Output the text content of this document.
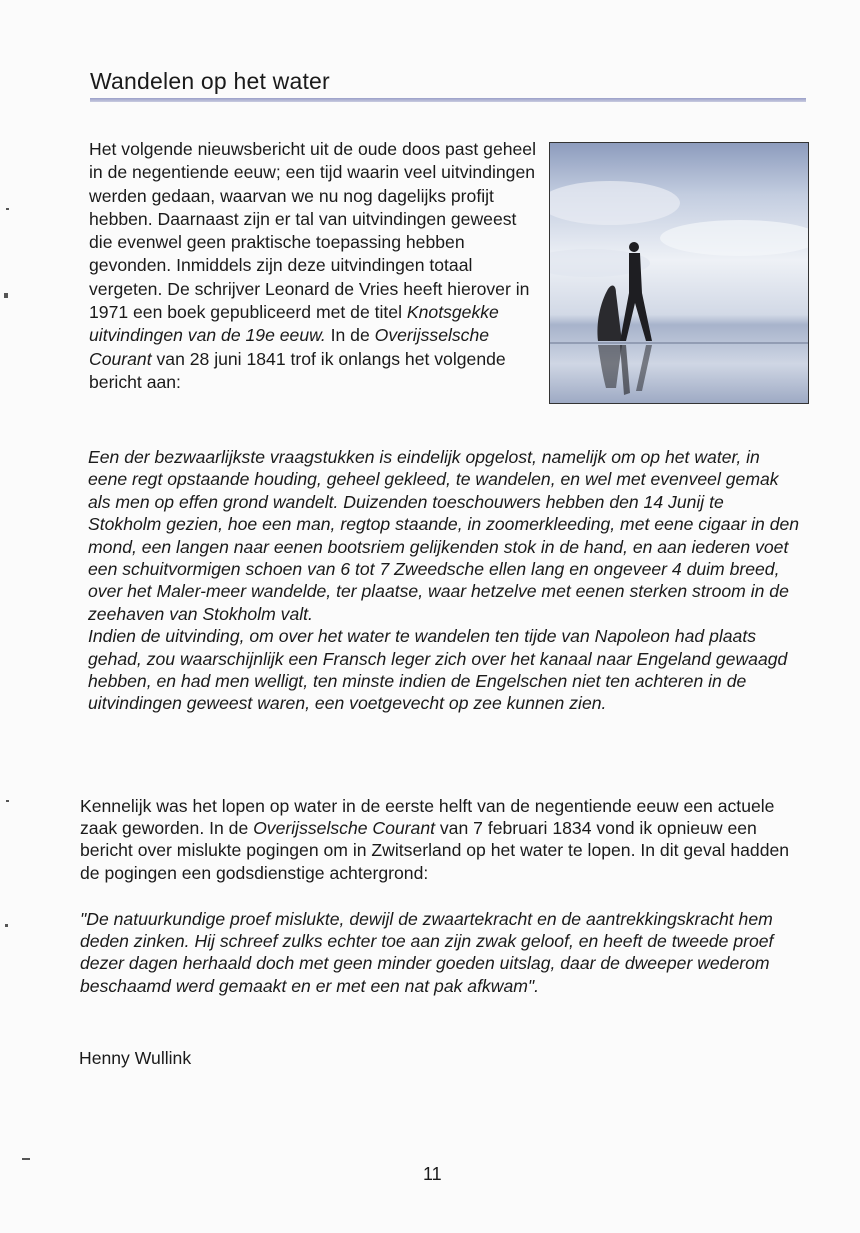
Wandelen op het water

Het volgende nieuwsbericht uit de oude doos past geheel in de negentiende eeuw; een tijd waarin veel uitvindingen werden gedaan, waarvan we nu nog dagelijks profijt hebben. Daarnaast zijn er tal van uitvindingen geweest die evenwel geen praktische toepassing hebben gevonden. Inmiddels zijn deze uitvindingen totaal vergeten. De schrijver Leonard de Vries heeft hierover in 1971 een boek gepubliceerd met de titel Knotsgekke uitvindingen van de 19e eeuw. In de Overijsselsche Courant van 28 juni 1841 trof ik onlangs het volgende bericht aan:

Een der bezwaarlijkste vraagstukken is eindelijk opgelost, namelijk om op het water, in eene regt opstaande houding, geheel gekleed, te wandelen, en wel met evenveel gemak als men op effen grond wandelt. Duizenden toeschouwers hebben den 14 Junij te Stokholm gezien, hoe een man, regtop staande, in zoomerkleeding, met eene cigaar in den mond, een langen naar eenen bootsriem gelijkenden stok in de hand, en aan iederen voet een schuitvormigen schoen van 6 tot 7 Zweedsche ellen lang en ongeveer 4 duim breed, over het Maler-meer wandelde, ter plaatse, waar hetzelve met eenen sterken stroom in de zeehaven van Stokholm valt.
Indien de uitvinding, om over het water te wandelen ten tijde van Napoleon had plaats gehad, zou waarschijnlijk een Fransch leger zich over het kanaal naar Engeland gewaagd hebben, en had men welligt, ten minste indien de Engelschen niet ten achteren in de uitvindingen geweest waren, een voetgevecht op zee kunnen zien.

Kennelijk was het lopen op water in de eerste helft van de negentiende eeuw een actuele zaak geworden. In de Overijsselsche Courant van 7 februari 1834 vond ik opnieuw een bericht over mislukte pogingen om in Zwitserland op het water te lopen. In dit geval hadden de pogingen een godsdienstige achtergrond:

"De natuurkundige proef mislukte, dewijl de zwaartekracht en de aantrekkingskracht hem deden zinken. Hij schreef zulks echter toe aan zijn zwak geloof, en heeft de tweede proef dezer dagen herhaald doch met geen minder goeden uitslag, daar de dweeper wederom beschaamd werd gemaakt en er met een nat pak afkwam".

Henny Wullink
11
